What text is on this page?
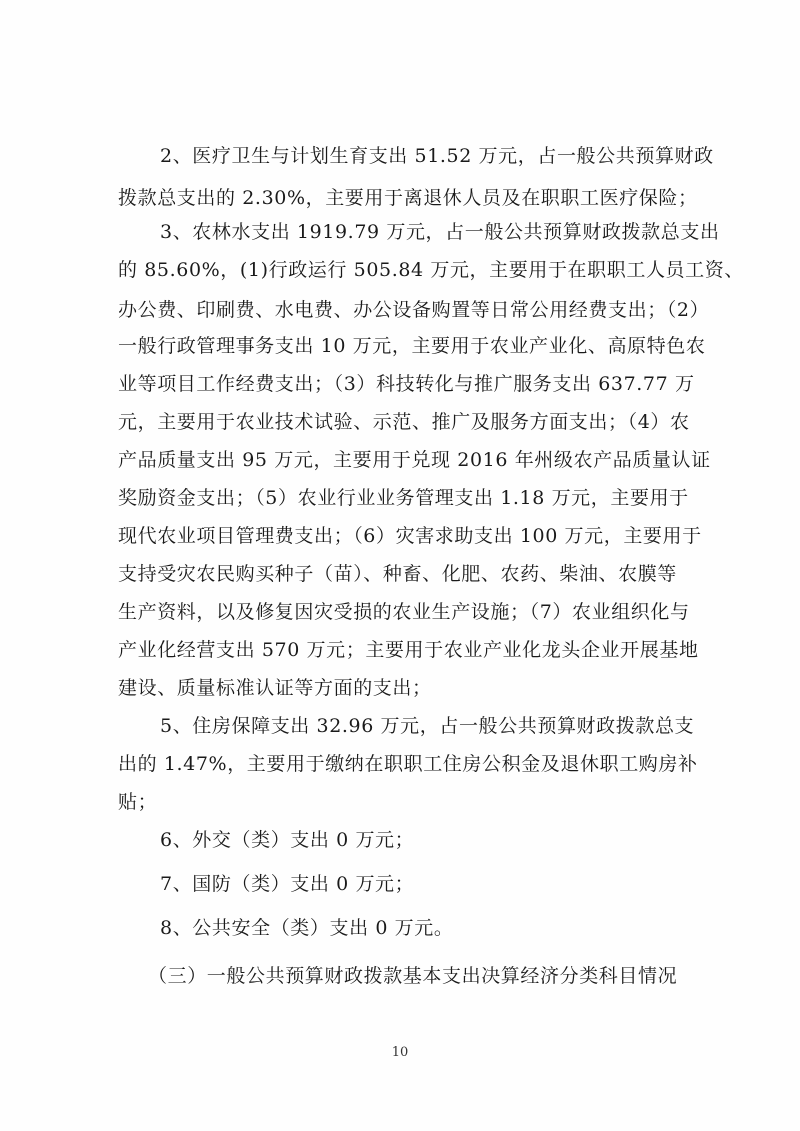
2、医疗卫生与计划生育支出 51.52 万元，占一般公共预算财政
拨款总支出的 2.30%，主要用于离退休人员及在职职工医疗保险；
3、农林水支出 1919.79 万元，占一般公共预算财政拨款总支出
的 85.60%，(1)行政运行 505.84 万元，主要用于在职职工人员工资、
办公费、印刷费、水电费、办公设备购置等日常公用经费支出；（2）
一般行政管理事务支出 10 万元，主要用于农业产业化、高原特色农
业等项目工作经费支出；（3）科技转化与推广服务支出 637.77 万
元，主要用于农业技术试验、示范、推广及服务方面支出；（4）农
产品质量支出 95 万元，主要用于兑现 2016 年州级农产品质量认证
奖励资金支出；（5）农业行业业务管理支出 1.18 万元，主要用于
现代农业项目管理费支出；（6）灾害求助支出 100 万元，主要用于
支持受灾农民购买种子（苗）、种畜、化肥、农药、柴油、农膜等
生产资料，以及修复因灾受损的农业生产设施；（7）农业组织化与
产业化经营支出 570 万元；主要用于农业产业化龙头企业开展基地
建设、质量标准认证等方面的支出；
5、住房保障支出 32.96 万元，占一般公共预算财政拨款总支
出的 1.47%，主要用于缴纳在职职工住房公积金及退休职工购房补
贴；
6、外交（类）支出 0 万元；
7、国防（类）支出 0 万元；
8、公共安全（类）支出 0 万元。
（三）一般公共预算财政拨款基本支出决算经济分类科目情况
10
